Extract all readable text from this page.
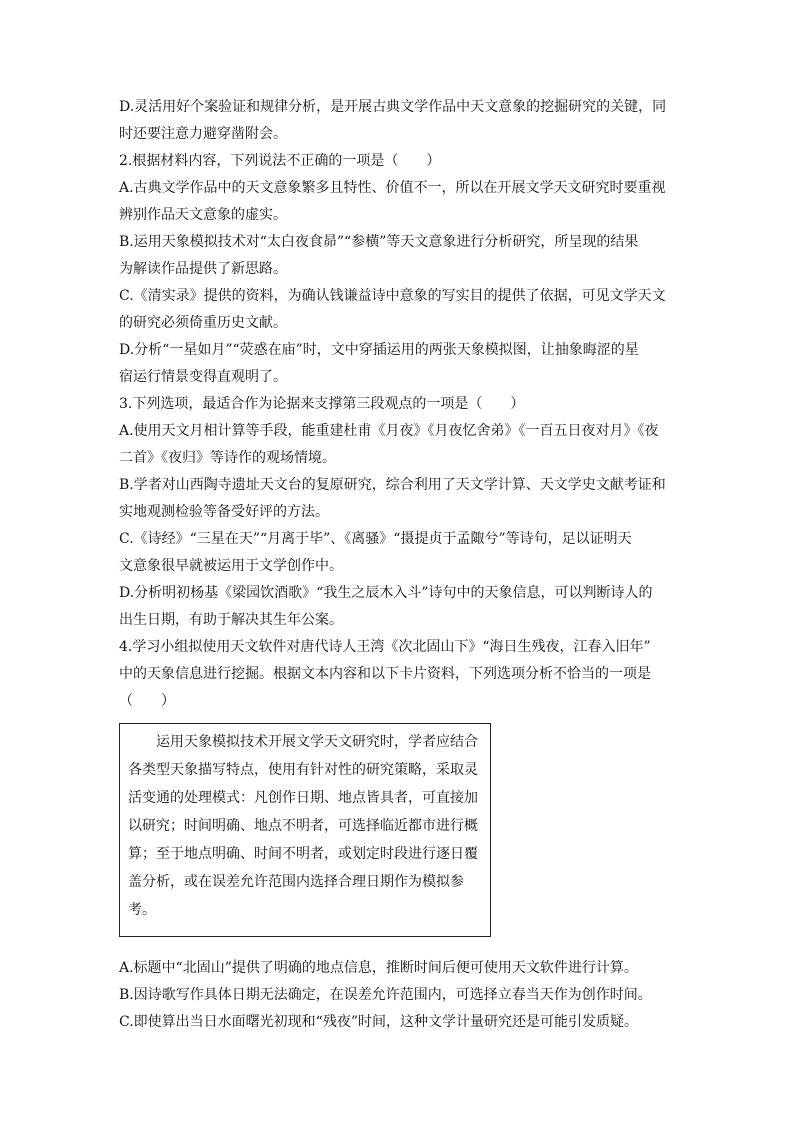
D.灵活用好个案验证和规律分析，是开展古典文学作品中天文意象的挖掘研究的关键，同
时还要注意力避穿凿附会。
2.根据材料内容，下列说法不正确的一项是（　　）
A.古典文学作品中的天文意象繁多且特性、价值不一，所以在开展文学天文研究时要重视
辨别作品天文意象的虚实。
B.运用天象模拟技术对“太白夜食昴”“参横”等天文意象进行分析研究，所呈现的结果
为解读作品提供了新思路。
C.《清实录》提供的资料，为确认钱谦益诗中意象的写实目的提供了依据，可见文学天文
的研究必须倚重历史文献。
D.分析“一星如月”“荧惑在庙”时，文中穿插运用的两张天象模拟图，让抽象晦涩的星
宿运行情景变得直观明了。
3.下列选项，最适合作为论据来支撑第三段观点的一项是（　　）
A.使用天文月相计算等手段，能重建杜甫《月夜》《月夜忆舍弟》《一百五日夜对月》《夜
二首》《夜归》等诗作的观场情境。
B.学者对山西陶寺遗址天文台的复原研究，综合利用了天文学计算、天文学史文献考证和
实地观测检验等备受好评的方法。
C.《诗经》“三星在天”“月离于毕”、《离骚》“摄提贞于孟陬兮”等诗句，足以证明天
文意象很早就被运用于文学创作中。
D.分析明初杨基《梁园饮酒歌》“我生之辰木入斗”诗句中的天象信息，可以判断诗人的
出生日期，有助于解决其生年公案。
4.学习小组拟使用天文软件对唐代诗人王湾《次北固山下》“海日生残夜，江春入旧年”
中的天象信息进行挖掘。根据文本内容和以下卡片资料，下列选项分析不恰当的一项是
（　　）
运用天象模拟技术开展文学天文研究时，学者应结合
各类型天象描写特点，使用有针对性的研究策略，采取灵
活变通的处理模式：凡创作日期、地点皆具者，可直接加
以研究；时间明确、地点不明者，可选择临近都市进行概
算；至于地点明确、时间不明者，或划定时段进行逐日覆
盖分析，或在误差允许范围内选择合理日期作为模拟参
考。
A.标题中“北固山”提供了明确的地点信息，推断时间后便可使用天文软件进行计算。
B.因诗歌写作具体日期无法确定，在误差允许范围内，可选择立春当天作为创作时间。
C.即使算出当日水面曙光初现和“残夜”时间，这种文学计量研究还是可能引发质疑。
